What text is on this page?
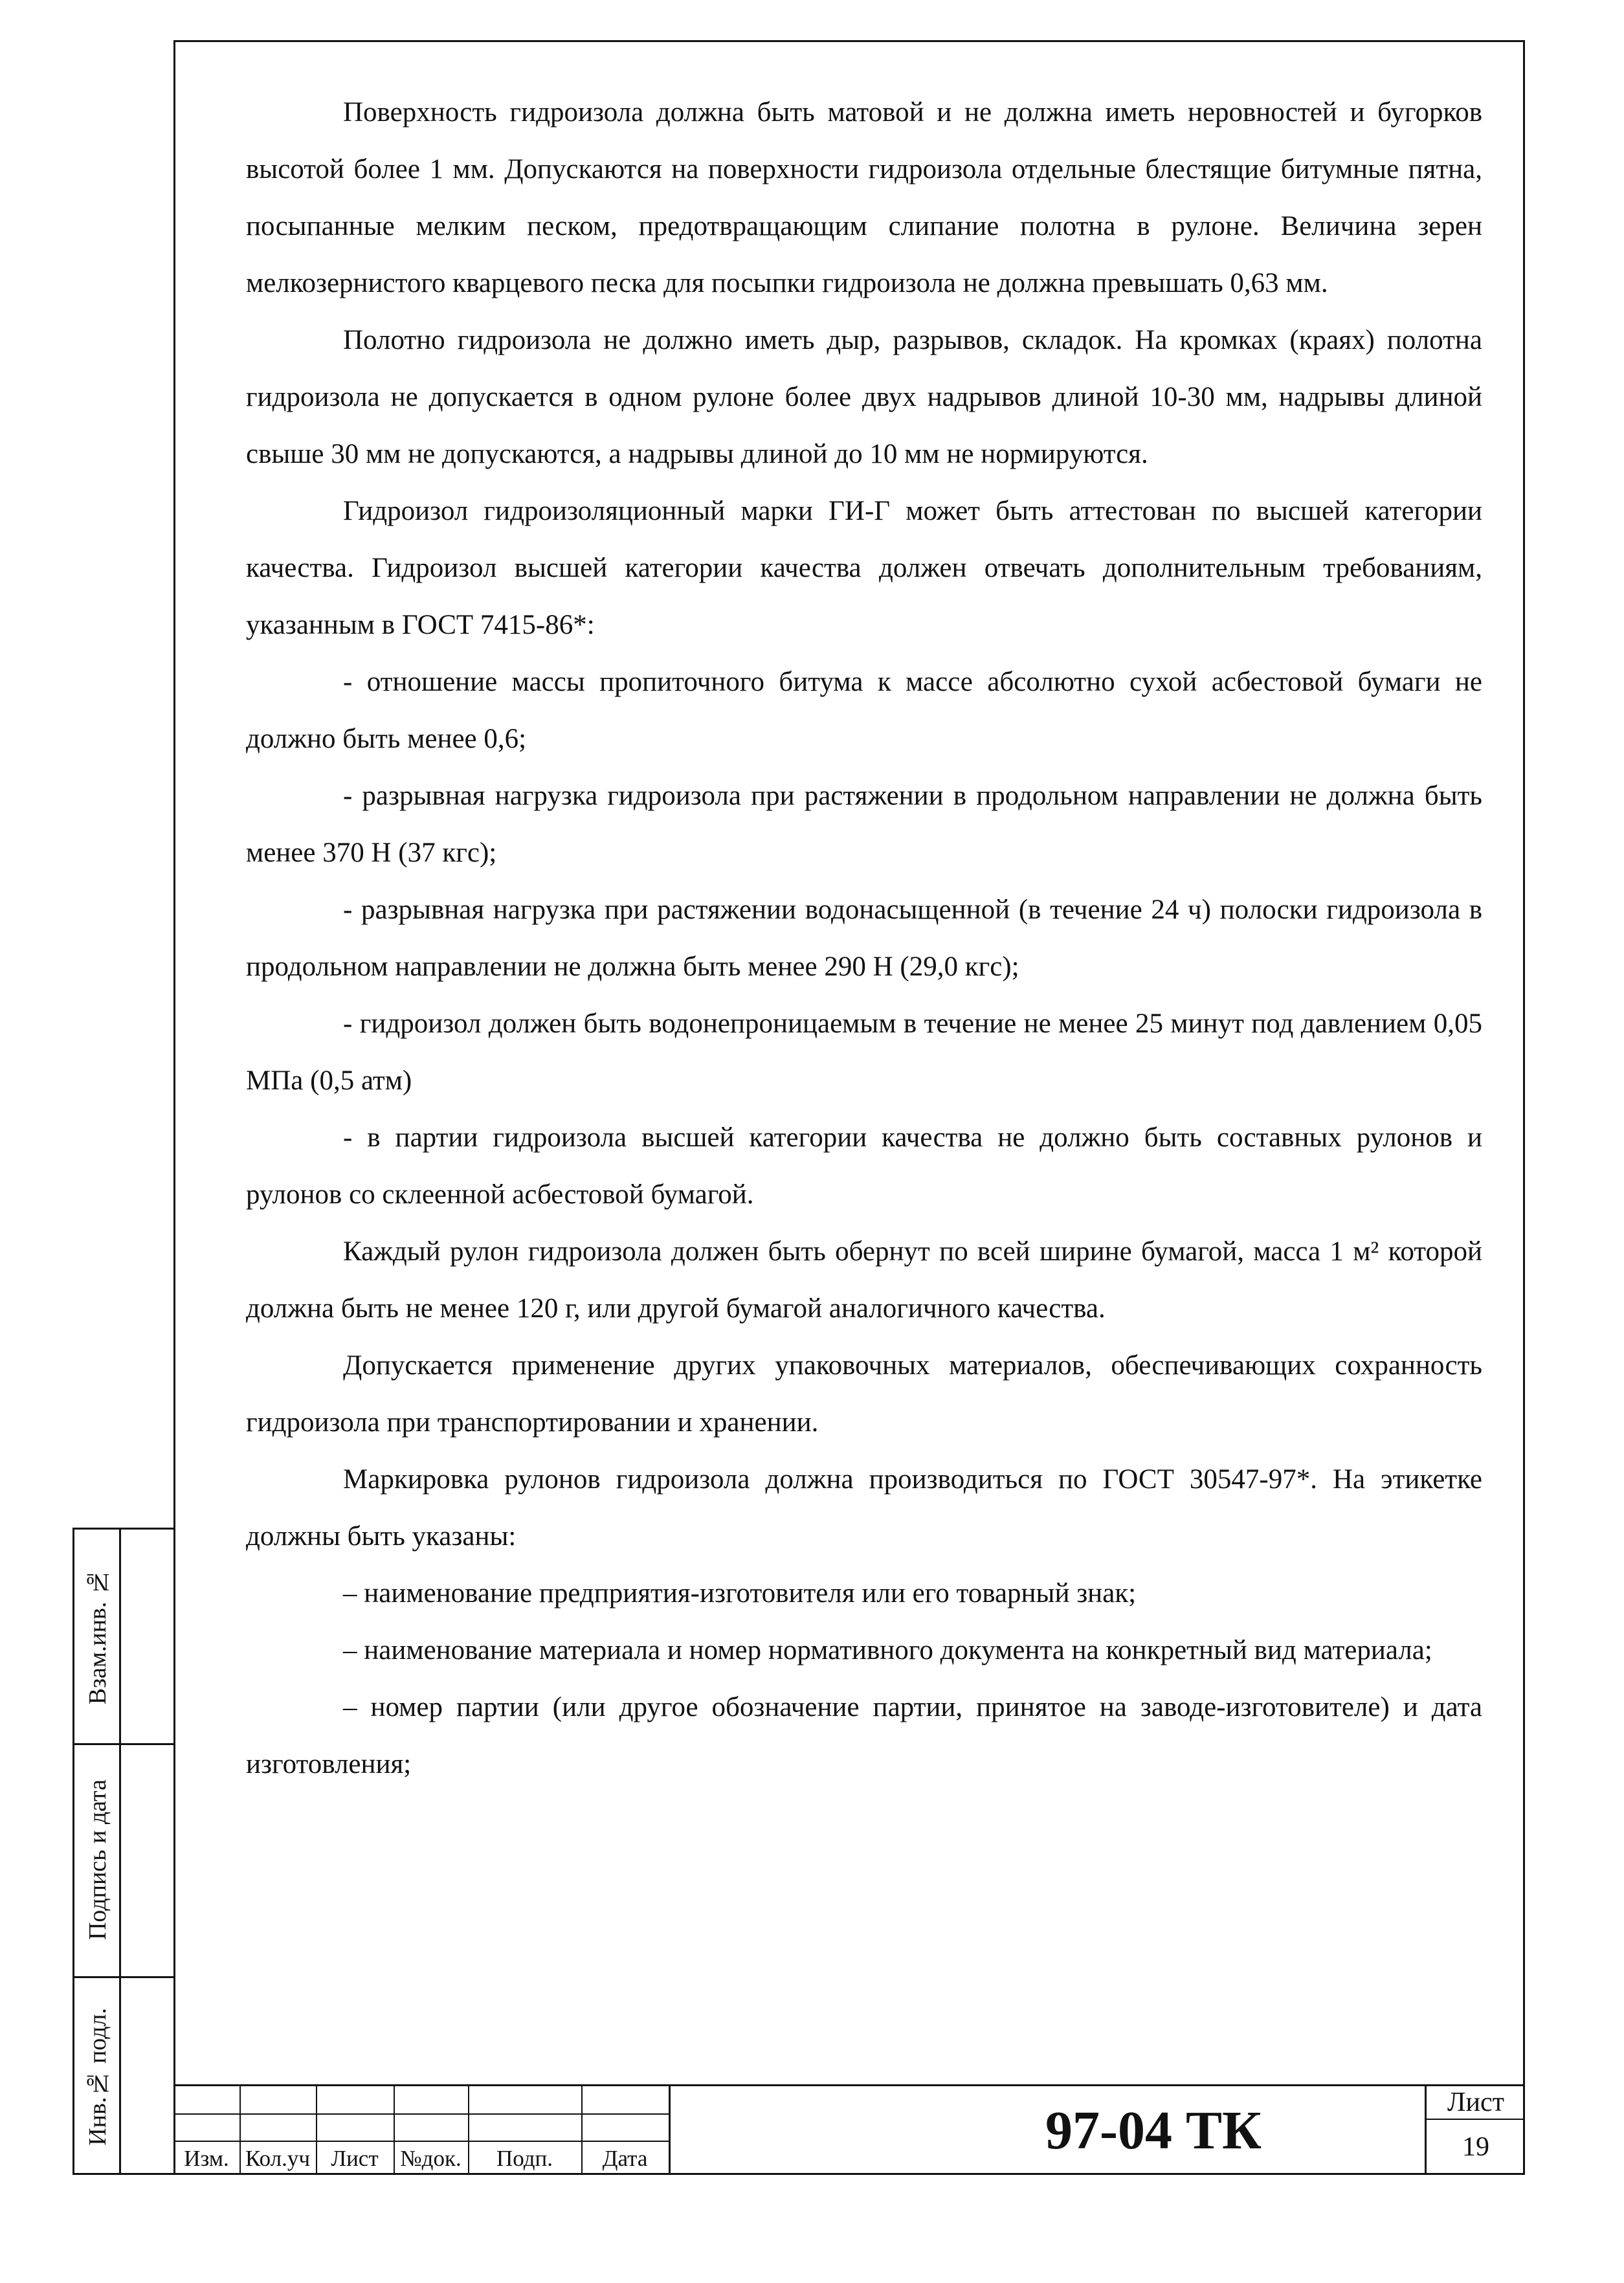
Поверхность гидроизола должна быть матовой и не должна иметь неровностей и бугорков высотой более 1 мм. Допускаются на поверхности гидроизола отдельные блестящие битумные пятна, посыпанные мелким песком, предотвращающим слипание полотна в рулоне. Величина зерен мелкозернистого кварцевого песка для посыпки гидроизола не должна превышать 0,63 мм.

Полотно гидроизола не должно иметь дыр, разрывов, складок. На кромках (краях) полотна гидроизола не допускается в одном рулоне более двух надрывов длиной 10-30 мм, надрывы длиной свыше 30 мм не допускаются, а надрывы длиной до 10 мм не нормируются.

Гидроизол гидроизоляционный марки ГИ-Г может быть аттестован по высшей категории качества. Гидроизол высшей категории качества должен отвечать дополнительным требованиям, указанным в ГОСТ 7415-86*:

- отношение массы пропиточного битума к массе абсолютно сухой асбестовой бумаги не должно быть менее 0,6;

- разрывная нагрузка гидроизола при растяжении в продольном направлении не должна быть менее 370 Н (37 кгс);

- разрывная нагрузка при растяжении водонасыщенной (в течение 24 ч) полоски гидроизола в продольном направлении не должна быть менее 290 Н (29,0 кгс);

- гидроизол должен быть водонепроницаемым в течение не менее 25 минут под давлением 0,05 МПа (0,5 атм)

- в партии гидроизола высшей категории качества не должно быть составных рулонов и рулонов со склеенной асбестовой бумагой.

Каждый рулон гидроизола должен быть обернут по всей ширине бумагой, масса 1 м² которой должна быть не менее 120 г, или другой бумагой аналогичного качества.

Допускается применение других упаковочных материалов, обеспечивающих сохранность гидроизола при транспортировании и хранении.

Маркировка рулонов гидроизола должна производиться по ГОСТ 30547-97*. На этикетке должны быть указаны:

– наименование предприятия-изготовителя или его товарный знак;

– наименование материала и номер нормативного документа на конкретный вид материала;

– номер партии (или другое обозначение партии, принятое на заводе-изготовителе) и дата изготовления;

Взам.инв. №
Подпись и дата
Инв.№ подл.
Изм. Кол.уч Лист №док.	Подп.	Дата	97-04 ТК	Лист
19
